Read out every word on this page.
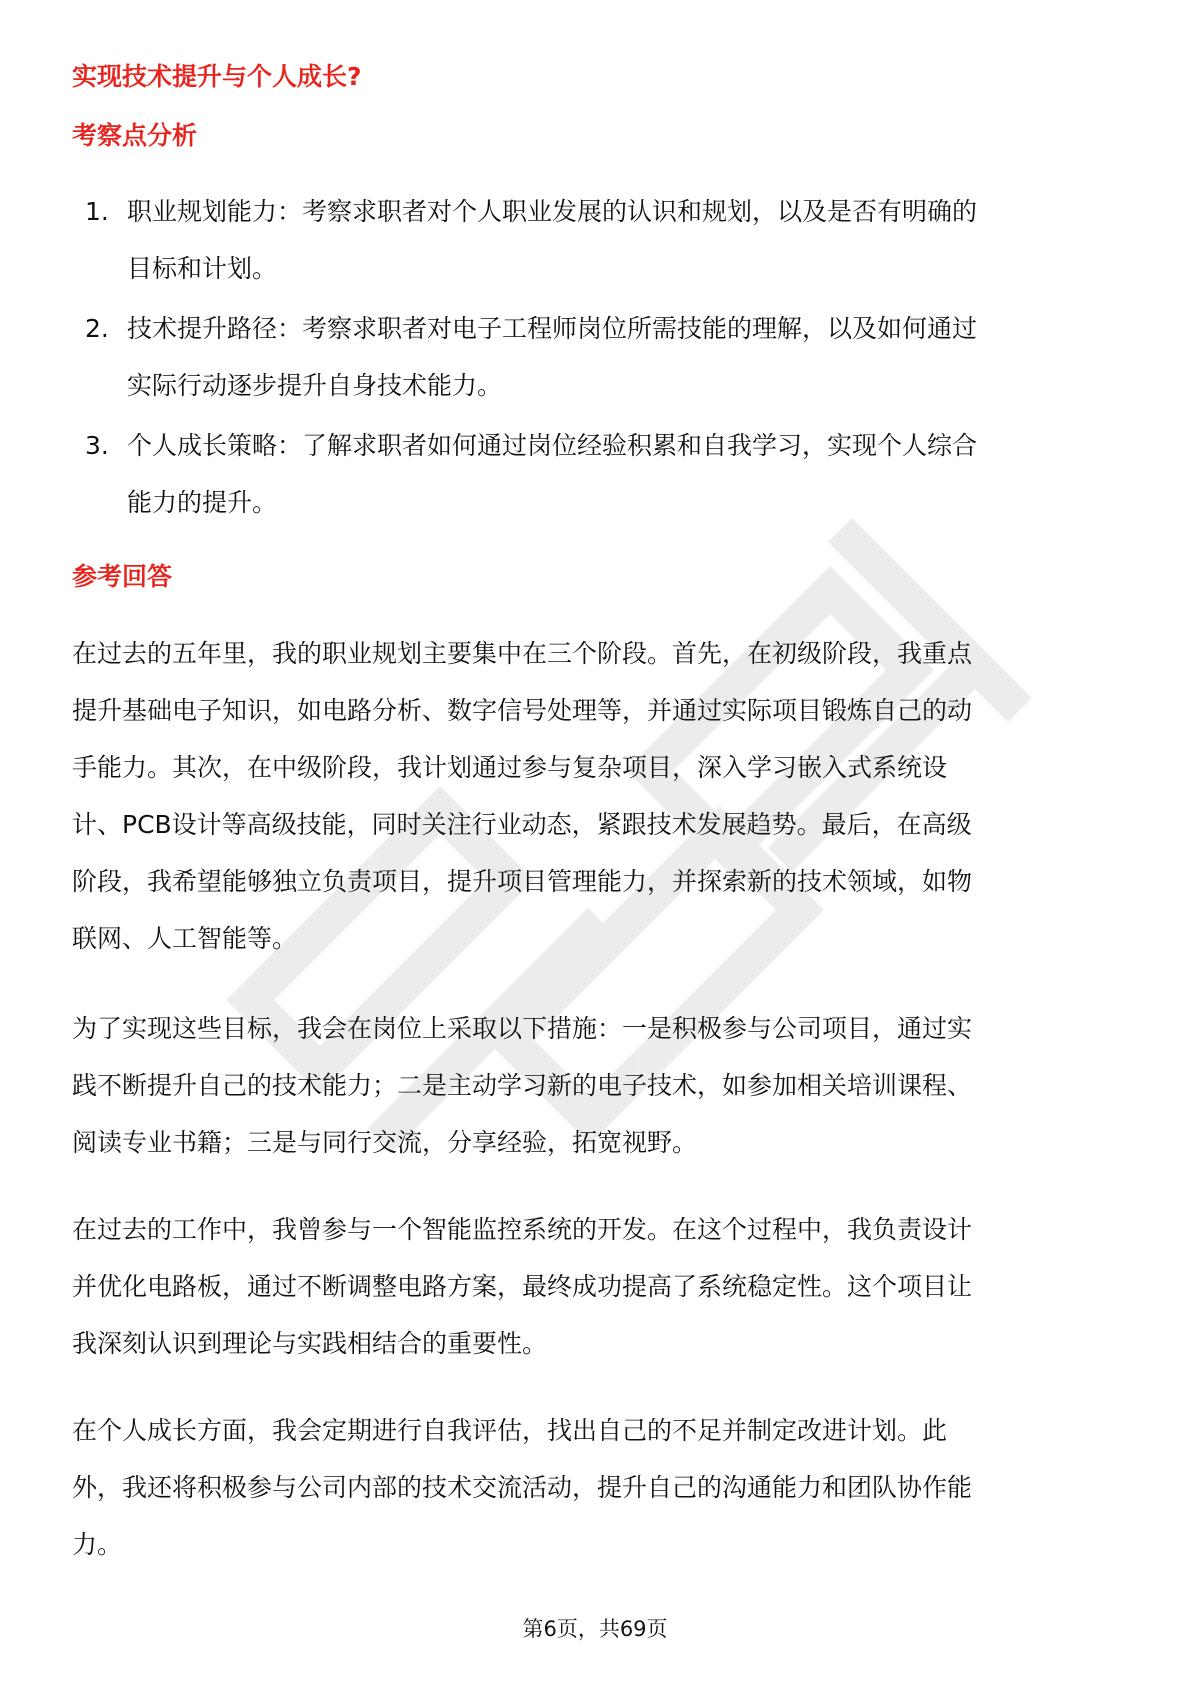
实现技术提升与个人成长?
考察点分析
1. 职业规划能力：考察求职者对个人职业发展的认识和规划，以及是否有明确的
目标和计划。
2. 技术提升路径：考察求职者对电子工程师岗位所需技能的理解，以及如何通过
实际行动逐步提升自身技术能力。
3. 个人成长策略：了解求职者如何通过岗位经验积累和自我学习，实现个人综合
能力的提升。
参考回答

在过去的五年里，我的职业规划主要集中在三个阶段。首先，在初级阶段，我重点
提升基础电子知识，如电路分析、数字信号处理等，并通过实际项目锻炼自己的动
手能力。其次，在中级阶段，我计划通过参与复杂项目，深入学习嵌入式系统设
计、PCB设计等高级技能，同时关注行业动态，紧跟技术发展趋势。最后，在高级
阶段，我希望能够独立负责项目，提升项目管理能力，并探索新的技术领域，如物
联网、人工智能等。

为了实现这些目标，我会在岗位上采取以下措施：一是积极参与公司项目，通过实
践不断提升自己的技术能力；二是主动学习新的电子技术，如参加相关培训课程、
阅读专业书籍；三是与同行交流，分享经验，拓宽视野。

在过去的工作中，我曾参与一个智能监控系统的开发。在这个过程中，我负责设计
并优化电路板，通过不断调整电路方案，最终成功提高了系统稳定性。这个项目让
我深刻认识到理论与实践相结合的重要性。

在个人成长方面，我会定期进行自我评估，找出自己的不足并制定改进计划。此
外，我还将积极参与公司内部的技术交流活动，提升自己的沟通能力和团队协作能
力。

第6页，共69页
